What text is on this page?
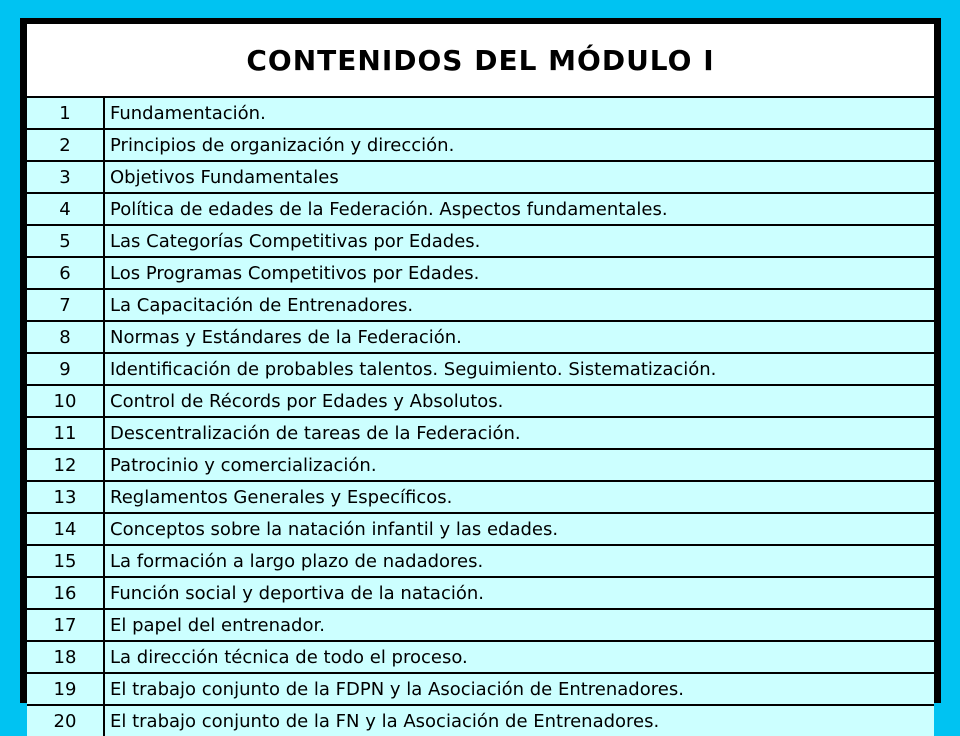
CONTENIDOS DEL MÓDULO I
1	Fundamentación.
2	Principios de organización y dirección.
3	Objetivos Fundamentales
4	Política de edades de la Federación. Aspectos fundamentales.
5	Las Categorías Competitivas por Edades.
6	Los Programas Competitivos por Edades.
7	La Capacitación de Entrenadores.
8	Normas y Estándares de la Federación.
9	Identificación de probables talentos. Seguimiento. Sistematización.
10	Control de Récords por Edades y Absolutos.
11	Descentralización de tareas de la Federación.
12	Patrocinio y comercialización.
13	Reglamentos Generales y Específicos.
14	Conceptos sobre la natación infantil y las edades.
15	La formación a largo plazo de nadadores.
16	Función social y deportiva de la natación.
17	El papel del entrenador.
18	La dirección técnica de todo el proceso.
19	El trabajo conjunto de la FDPN y la Asociación de Entrenadores.
20	El trabajo conjunto de la FN y la Asociación de Entrenadores.
